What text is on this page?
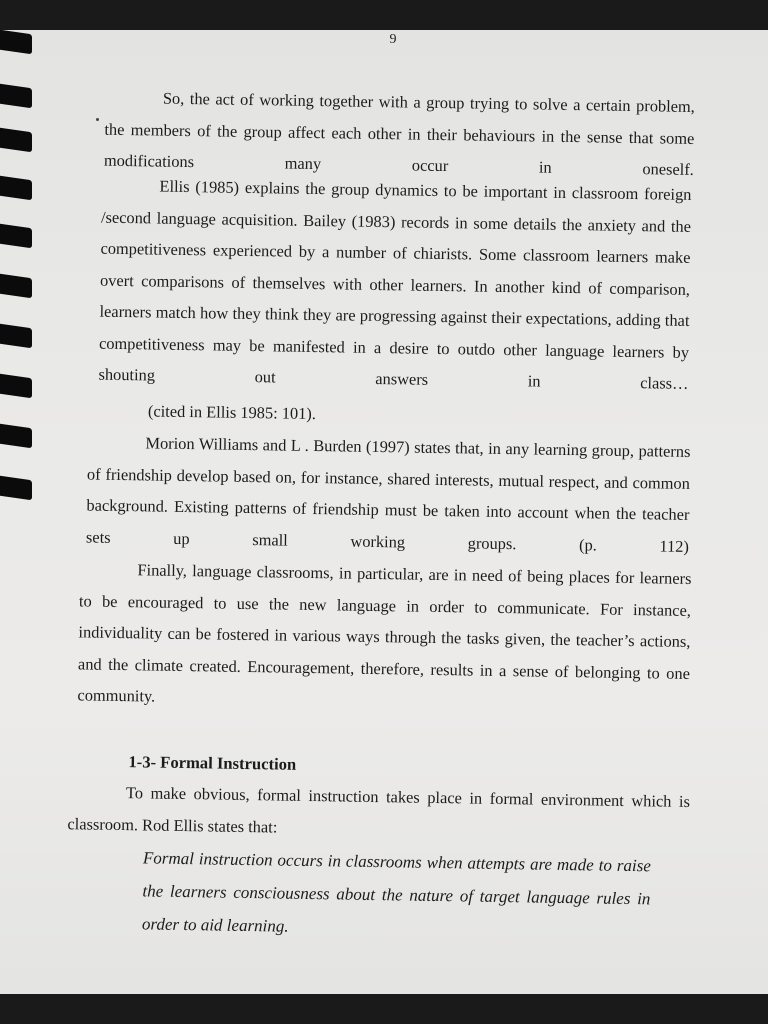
9

So, the act of working together with a group trying to solve a certain problem, the members of the group affect each other in their behaviours in the sense that some modifications many occur in oneself.

Ellis (1985) explains the group dynamics to be important in classroom foreign /second language acquisition. Bailey (1983) records in some details the anxiety and the competitiveness experienced by a number of chiarists. Some classroom learners make overt comparisons of themselves with other learners. In another kind of comparison, learners match how they think they are progressing against their expectations, adding that competitiveness may be manifested in a desire to outdo other language learners by shouting out answers in class…

(cited in Ellis 1985: 101).

Morion Williams and L . Burden (1997) states that, in any learning group, patterns of friendship develop based on, for instance, shared interests, mutual respect, and common background. Existing patterns of friendship must be taken into account when the teacher sets up small working groups. (p. 112)

Finally, language classrooms, in particular, are in need of being places for learners to be encouraged to use the new language in order to communicate. For instance, individuality can be fostered in various ways through the tasks given, the teacher’s actions, and the climate created. Encouragement, therefore, results in a sense of belonging to one community.

1-3- Formal Instruction

To make obvious, formal instruction takes place in formal environment which is classroom. Rod Ellis states that:

Formal instruction occurs in classrooms when attempts are made to raise the learners consciousness about the nature of target language rules in order to aid learning.
